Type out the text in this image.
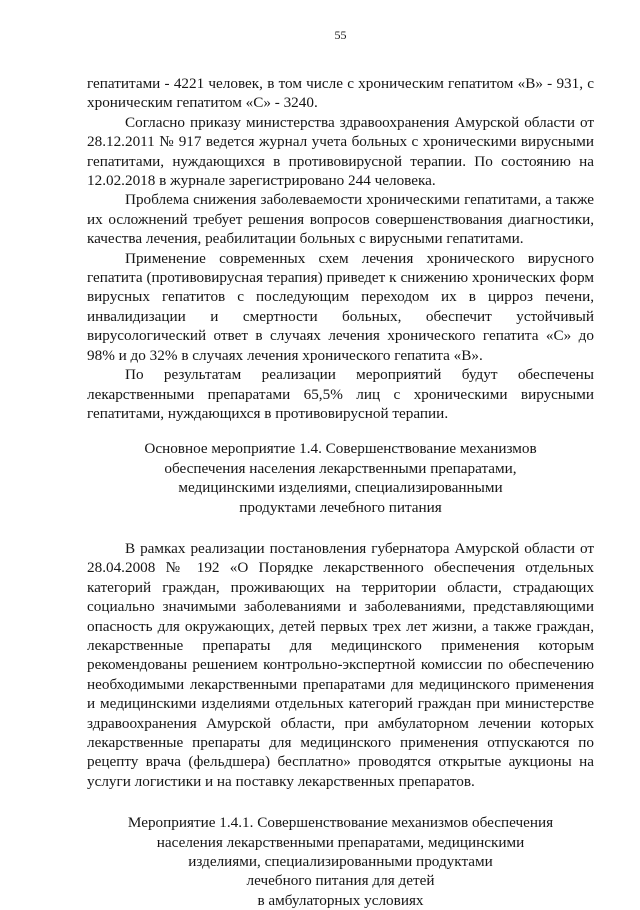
55

гепатитами - 4221 человек, в том числе с хроническим гепатитом «В» - 931, с хроническим гепатитом «С» - 3240.

Согласно приказу министерства здравоохранения Амурской области от 28.12.2011 № 917 ведется журнал учета больных с хроническими вирусными гепатитами, нуждающихся в противовирусной терапии. По состоянию на 12.02.2018 в журнале зарегистрировано 244 человека.

Проблема снижения заболеваемости хроническими гепатитами, а также их осложнений требует решения вопросов совершенствования диагностики, качества лечения, реабилитации больных с вирусными гепатитами.

Применение современных схем лечения хронического вирусного гепатита (противовирусная терапия) приведет к снижению хронических форм вирусных гепатитов с последующим переходом их в цирроз печени, инвалидизации и смертности больных, обеспечит устойчивый вирусологический ответ в случаях лечения хронического гепатита «С» до 98% и до 32% в случаях лечения хронического гепатита «В».

По результатам реализации мероприятий будут обеспечены лекарственными препаратами 65,5% лиц с хроническими вирусными гепатитами, нуждающихся в противовирусной терапии.

Основное мероприятие 1.4. Совершенствование механизмов
обеспечения населения лекарственными препаратами,
медицинскими изделиями, специализированными
продуктами лечебного питания

В рамках реализации постановления губернатора Амурской области от 28.04.2008 № 192 «О Порядке лекарственного обеспечения отдельных категорий граждан, проживающих на территории области, страдающих социально значимыми заболеваниями и заболеваниями, представляющими опасность для окружающих, детей первых трех лет жизни, а также граждан, лекарственные препараты для медицинского применения которым рекомендованы решением контрольно-экспертной комиссии по обеспечению необходимыми лекарственными препаратами для медицинского применения и медицинскими изделиями отдельных категорий граждан при министерстве здравоохранения Амурской области, при амбулаторном лечении которых лекарственные препараты для медицинского применения отпускаются по рецепту врача (фельдшера) бесплатно» проводятся открытые аукционы на услуги логистики и на поставку лекарственных препаратов.

Мероприятие 1.4.1. Совершенствование механизмов обеспечения
населения лекарственными препаратами, медицинскими
изделиями, специализированными продуктами
лечебного питания для детей
в амбулаторных условиях
